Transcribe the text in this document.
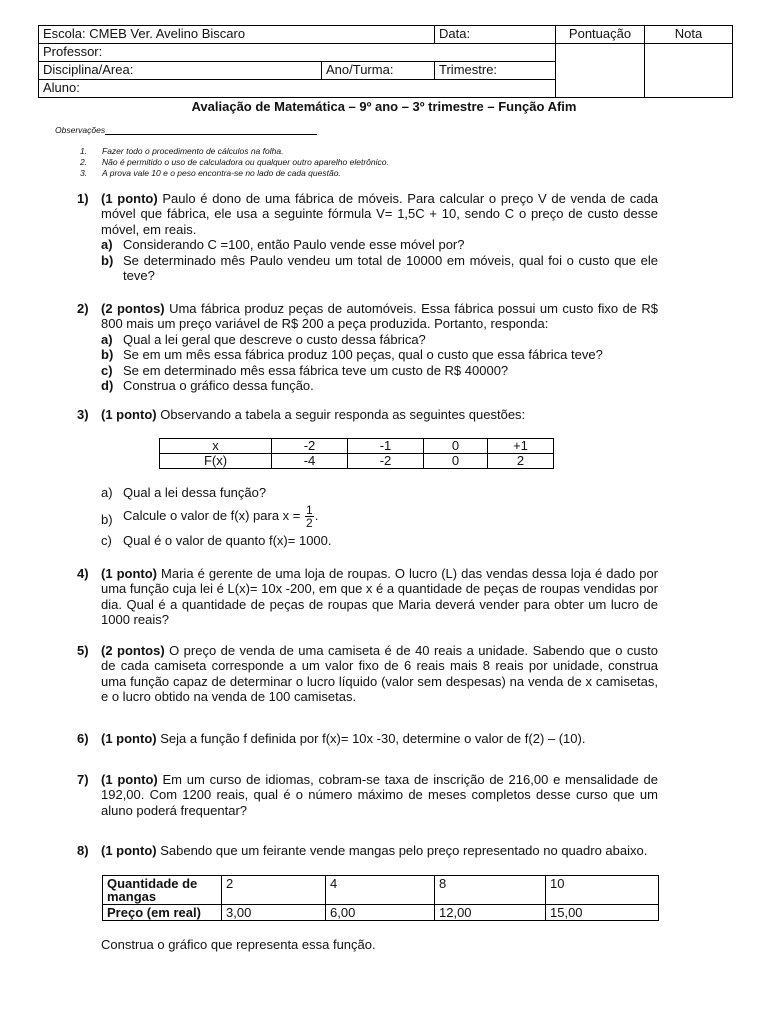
Escola: CMEB Ver. Avelino Biscaro		Data:	Pontuação	Nota
Professor:				
Disciplina/Area:	Ano/Turma:	Trimestre:		
Aluno:				
Avaliação de Matemática – 9º ano – 3º trimestre – Função Afim
Observações
1.	Fazer todo o procedimento de cálculos na folha.
2.	Não é permitido o uso de calculadora ou qualquer outro aparelho eletrônico.
3.	A prova vale 10 e o peso encontra-se no lado de cada questão.
1) (1 ponto) Paulo é dono de uma fábrica de móveis. Para calcular o preço V de venda de cada móvel que fábrica, ele usa a seguinte fórmula V= 1,5C + 10, sendo C o preço de custo desse móvel, em reais.
a) Considerando C =100, então Paulo vende esse móvel por?
b) Se determinado mês Paulo vendeu um total de 10000 em móveis, qual foi o custo que ele teve?
2) (2 pontos) Uma fábrica produz peças de automóveis. Essa fábrica possui um custo fixo de R$ 800 mais um preço variável de R$ 200 a peça produzida. Portanto, responda:
a) Qual a lei geral que descreve o custo dessa fábrica?
b) Se em um mês essa fábrica produz 100 peças, qual o custo que essa fábrica teve?
c) Se em determinado mês essa fábrica teve um custo de R$ 40000?
d) Construa o gráfico dessa função.
3) (1 ponto) Observando a tabela a seguir responda as seguintes questões:
x	-2	-1	0	+1
F(x)	-4	-2	0	2
a) Qual a lei dessa função?
b) Calcule o valor de f(x) para $x = \frac{1}{2}$ .
c) Qual é o valor de quanto f(x)= 1000.
4) (1 ponto) Maria é gerente de uma loja de roupas. O lucro (L) das vendas dessa loja é dado por uma função cuja lei é L(x)= 10x -200, em que x é a quantidade de peças de roupas vendidas por dia. Qual é a quantidade de peças de roupas que Maria deverá vender para obter um lucro de 1000 reais?
5) (2 pontos) O preço de venda de uma camiseta é de 40 reais a unidade. Sabendo que o custo de cada camiseta corresponde a um valor fixo de 6 reais mais 8 reais por unidade, construa uma função capaz de determinar o lucro líquido (valor sem despesas) na venda de x camisetas, e o lucro obtido na venda de 100 camisetas.
6) (1 ponto) Seja a função f definida por f(x)= 10x -30, determine o valor de f(2) – (10).
7) (1 ponto) Em um curso de idiomas, cobram-se taxa de inscrição de 216,00 e mensalidade de 192,00. Com 1200 reais, qual é o número máximo de meses completos desse curso que um aluno poderá frequentar?
8) (1 ponto) Sabendo que um feirante vende mangas pelo preço representado no quadro abaixo.
Quantidade de mangas	2	4	8	10
Preço (em real)	3,00	6,00	12,00	15,00
Construa o gráfico que representa essa função.
